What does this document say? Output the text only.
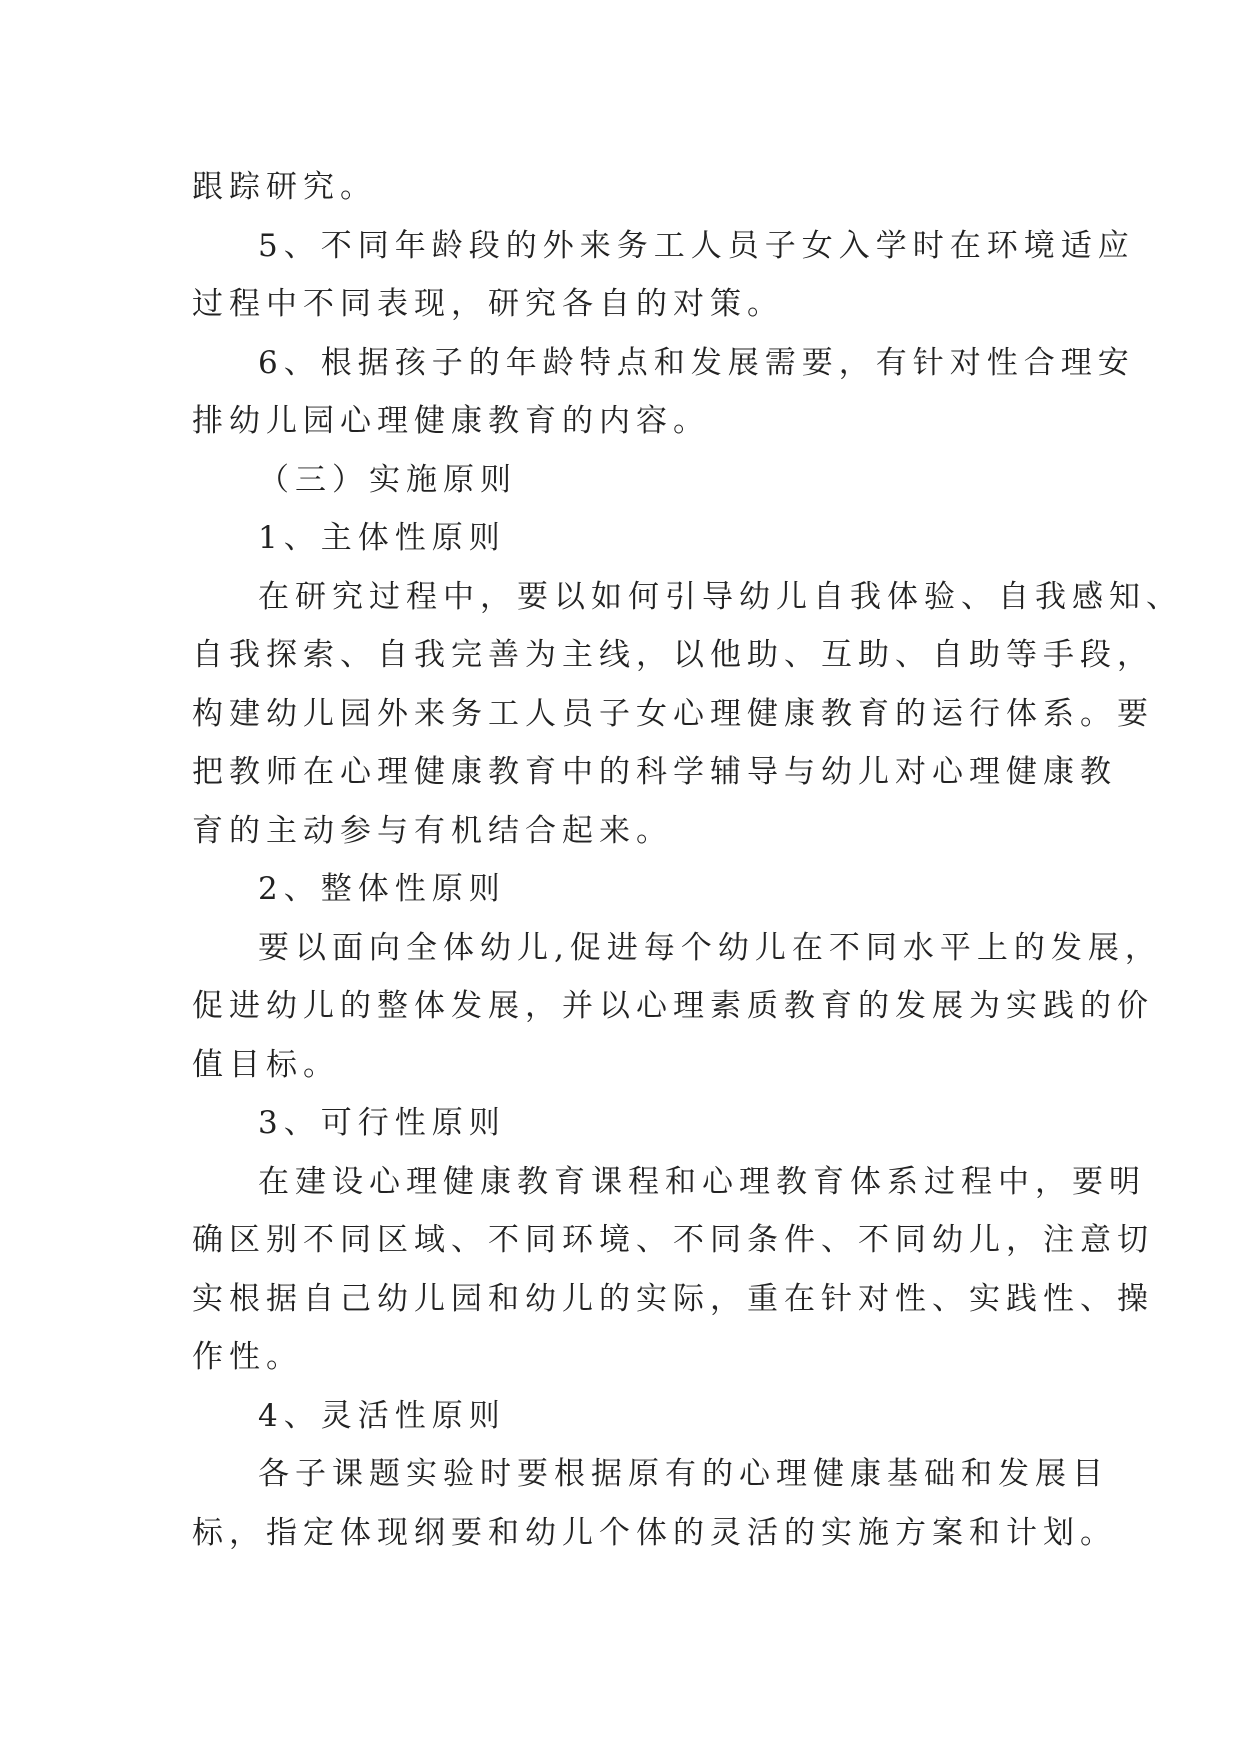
跟踪研究。
5、不同年龄段的外来务工人员子女入学时在环境适应
过程中不同表现，研究各自的对策。
6、根据孩子的年龄特点和发展需要，有针对性合理安
排幼儿园心理健康教育的内容。
（三）实施原则
1、主体性原则
在研究过程中，要以如何引导幼儿自我体验、自我感知、
自我探索、自我完善为主线，以他助、互助、自助等手段，
构建幼儿园外来务工人员子女心理健康教育的运行体系。要
把教师在心理健康教育中的科学辅导与幼儿对心理健康教
育的主动参与有机结合起来。
2、整体性原则
要以面向全体幼儿,促进每个幼儿在不同水平上的发展，
促进幼儿的整体发展，并以心理素质教育的发展为实践的价
值目标。
3、可行性原则
在建设心理健康教育课程和心理教育体系过程中，要明
确区别不同区域、不同环境、不同条件、不同幼儿，注意切
实根据自己幼儿园和幼儿的实际，重在针对性、实践性、操
作性。
4、灵活性原则
各子课题实验时要根据原有的心理健康基础和发展目
标，指定体现纲要和幼儿个体的灵活的实施方案和计划。
